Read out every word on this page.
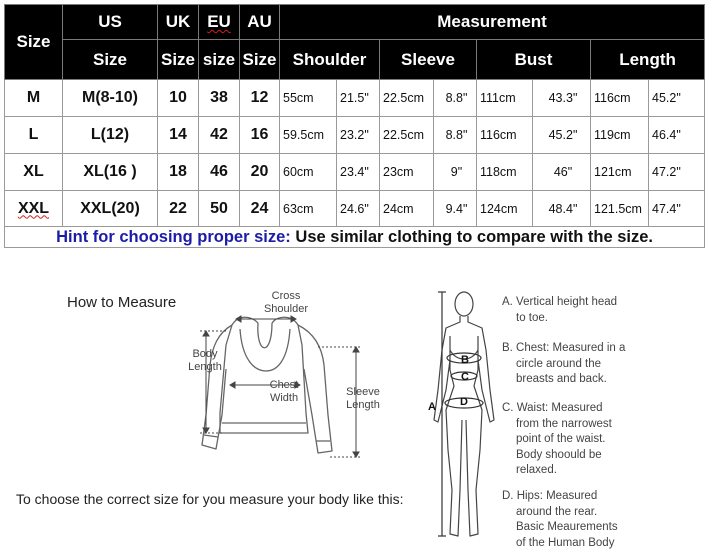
Size	US	UK	EU	AU	Measurement							
	Size	Size	size	Size	Shoulder		Sleeve		Bust		Length	
M	M(8-10)	10	38	12	55cm	21.5"	22.5cm	8.8"	111cm	43.3"	116cm	45.2"
L	L(12)	14	42	16	59.5cm	23.2"	22.5cm	8.8"	116cm	45.2"	119cm	46.4"
XL	XL(16 )	18	46	20	60cm	23.4"	23cm	9"	118cm	46"	121cm	47.2"
XXL	XXL(20)	22	50	24	63cm	24.6"	24cm	9.4"	124cm	48.4"	121.5cm	47.4"
Hint for choosing proper size: Use similar clothing to compare with the size.												
How to Measure	Cross Shoulder
Body Length
Chest Width	Sleeve Length	A
B
C
D
A. Vertical height head
to toe.
B. Chest: Measured in a
circle around the
breasts and back.
C. Waist: Measured
from the narrowest
point of the waist.
Body shoould be
relaxed.
D. Hips: Measured
around the rear.
Basic Meaurements
of the Human Body
To choose the correct size for you measure your body like this:
